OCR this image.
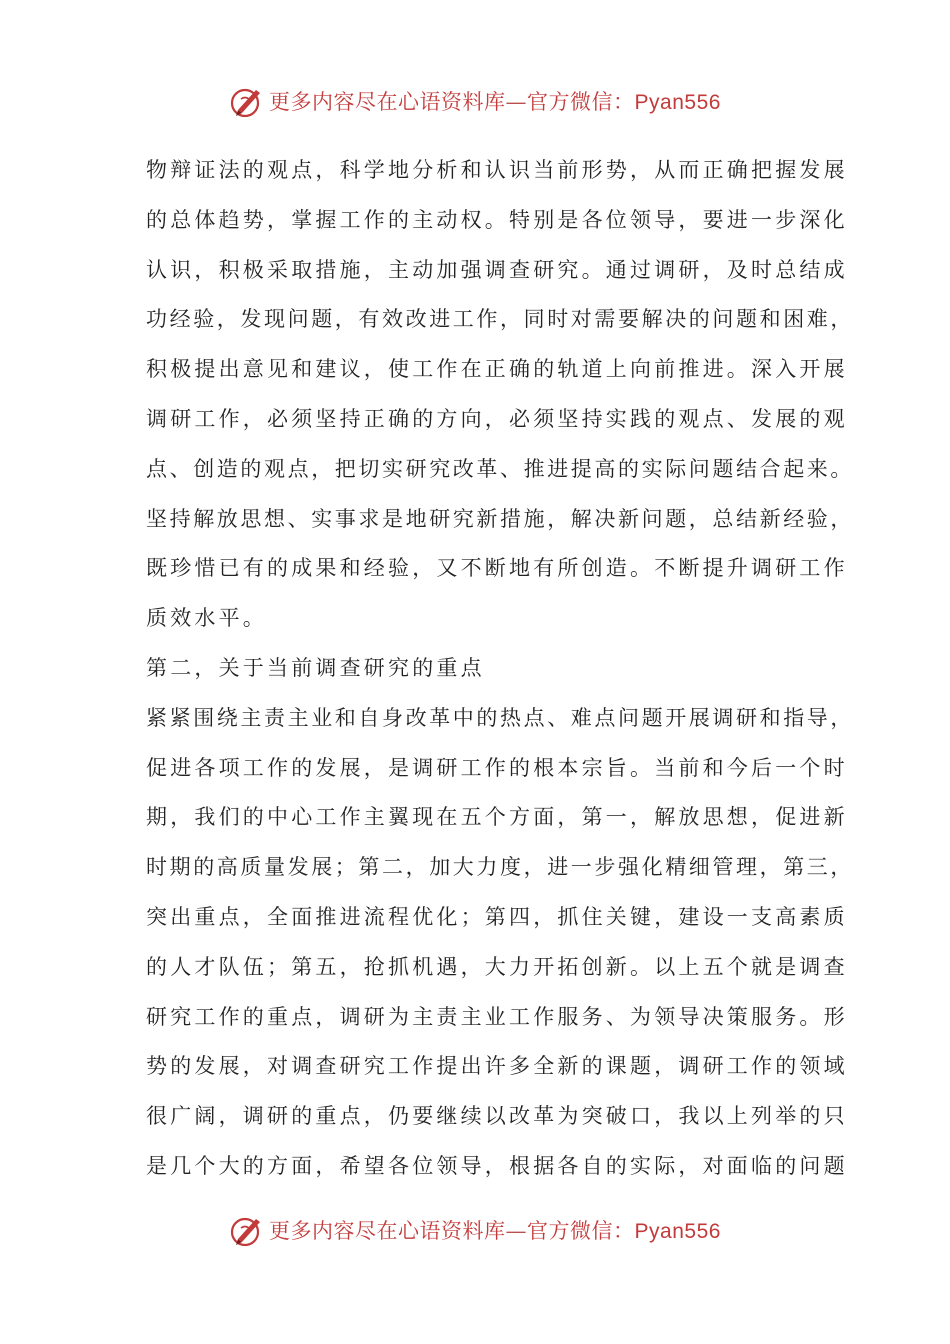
更多内容尽在心语资料库—官方微信：Pyan556
物辩证法的观点，科学地分析和认识当前形势，从而正确把握发展
的总体趋势，掌握工作的主动权。特别是各位领导，要进一步深化
认识，积极采取措施，主动加强调查研究。通过调研，及时总结成
功经验，发现问题，有效改进工作，同时对需要解决的问题和困难，
积极提出意见和建议，使工作在正确的轨道上向前推进。深入开展
调研工作，必须坚持正确的方向，必须坚持实践的观点、发展的观
点、创造的观点，把切实研究改革、推进提高的实际问题结合起来。
坚持解放思想、实事求是地研究新措施，解决新问题，总结新经验，
既珍惜已有的成果和经验，又不断地有所创造。不断提升调研工作
质效水平。
第二，关于当前调查研究的重点
紧紧围绕主责主业和自身改革中的热点、难点问题开展调研和指导，
促进各项工作的发展，是调研工作的根本宗旨。当前和今后一个时
期，我们的中心工作主翼现在五个方面，第一，解放思想，促进新
时期的高质量发展；第二，加大力度，进一步强化精细管理，第三，
突出重点，全面推进流程优化；第四，抓住关键，建设一支高素质
的人才队伍；第五，抢抓机遇，大力开拓创新。以上五个就是调查
研究工作的重点，调研为主责主业工作服务、为领导决策服务。形
势的发展，对调查研究工作提出许多全新的课题，调研工作的领域
很广阔，调研的重点，仍要继续以改革为突破口，我以上列举的只
是几个大的方面，希望各位领导，根据各自的实际，对面临的问题
更多内容尽在心语资料库—官方微信：Pyan556
